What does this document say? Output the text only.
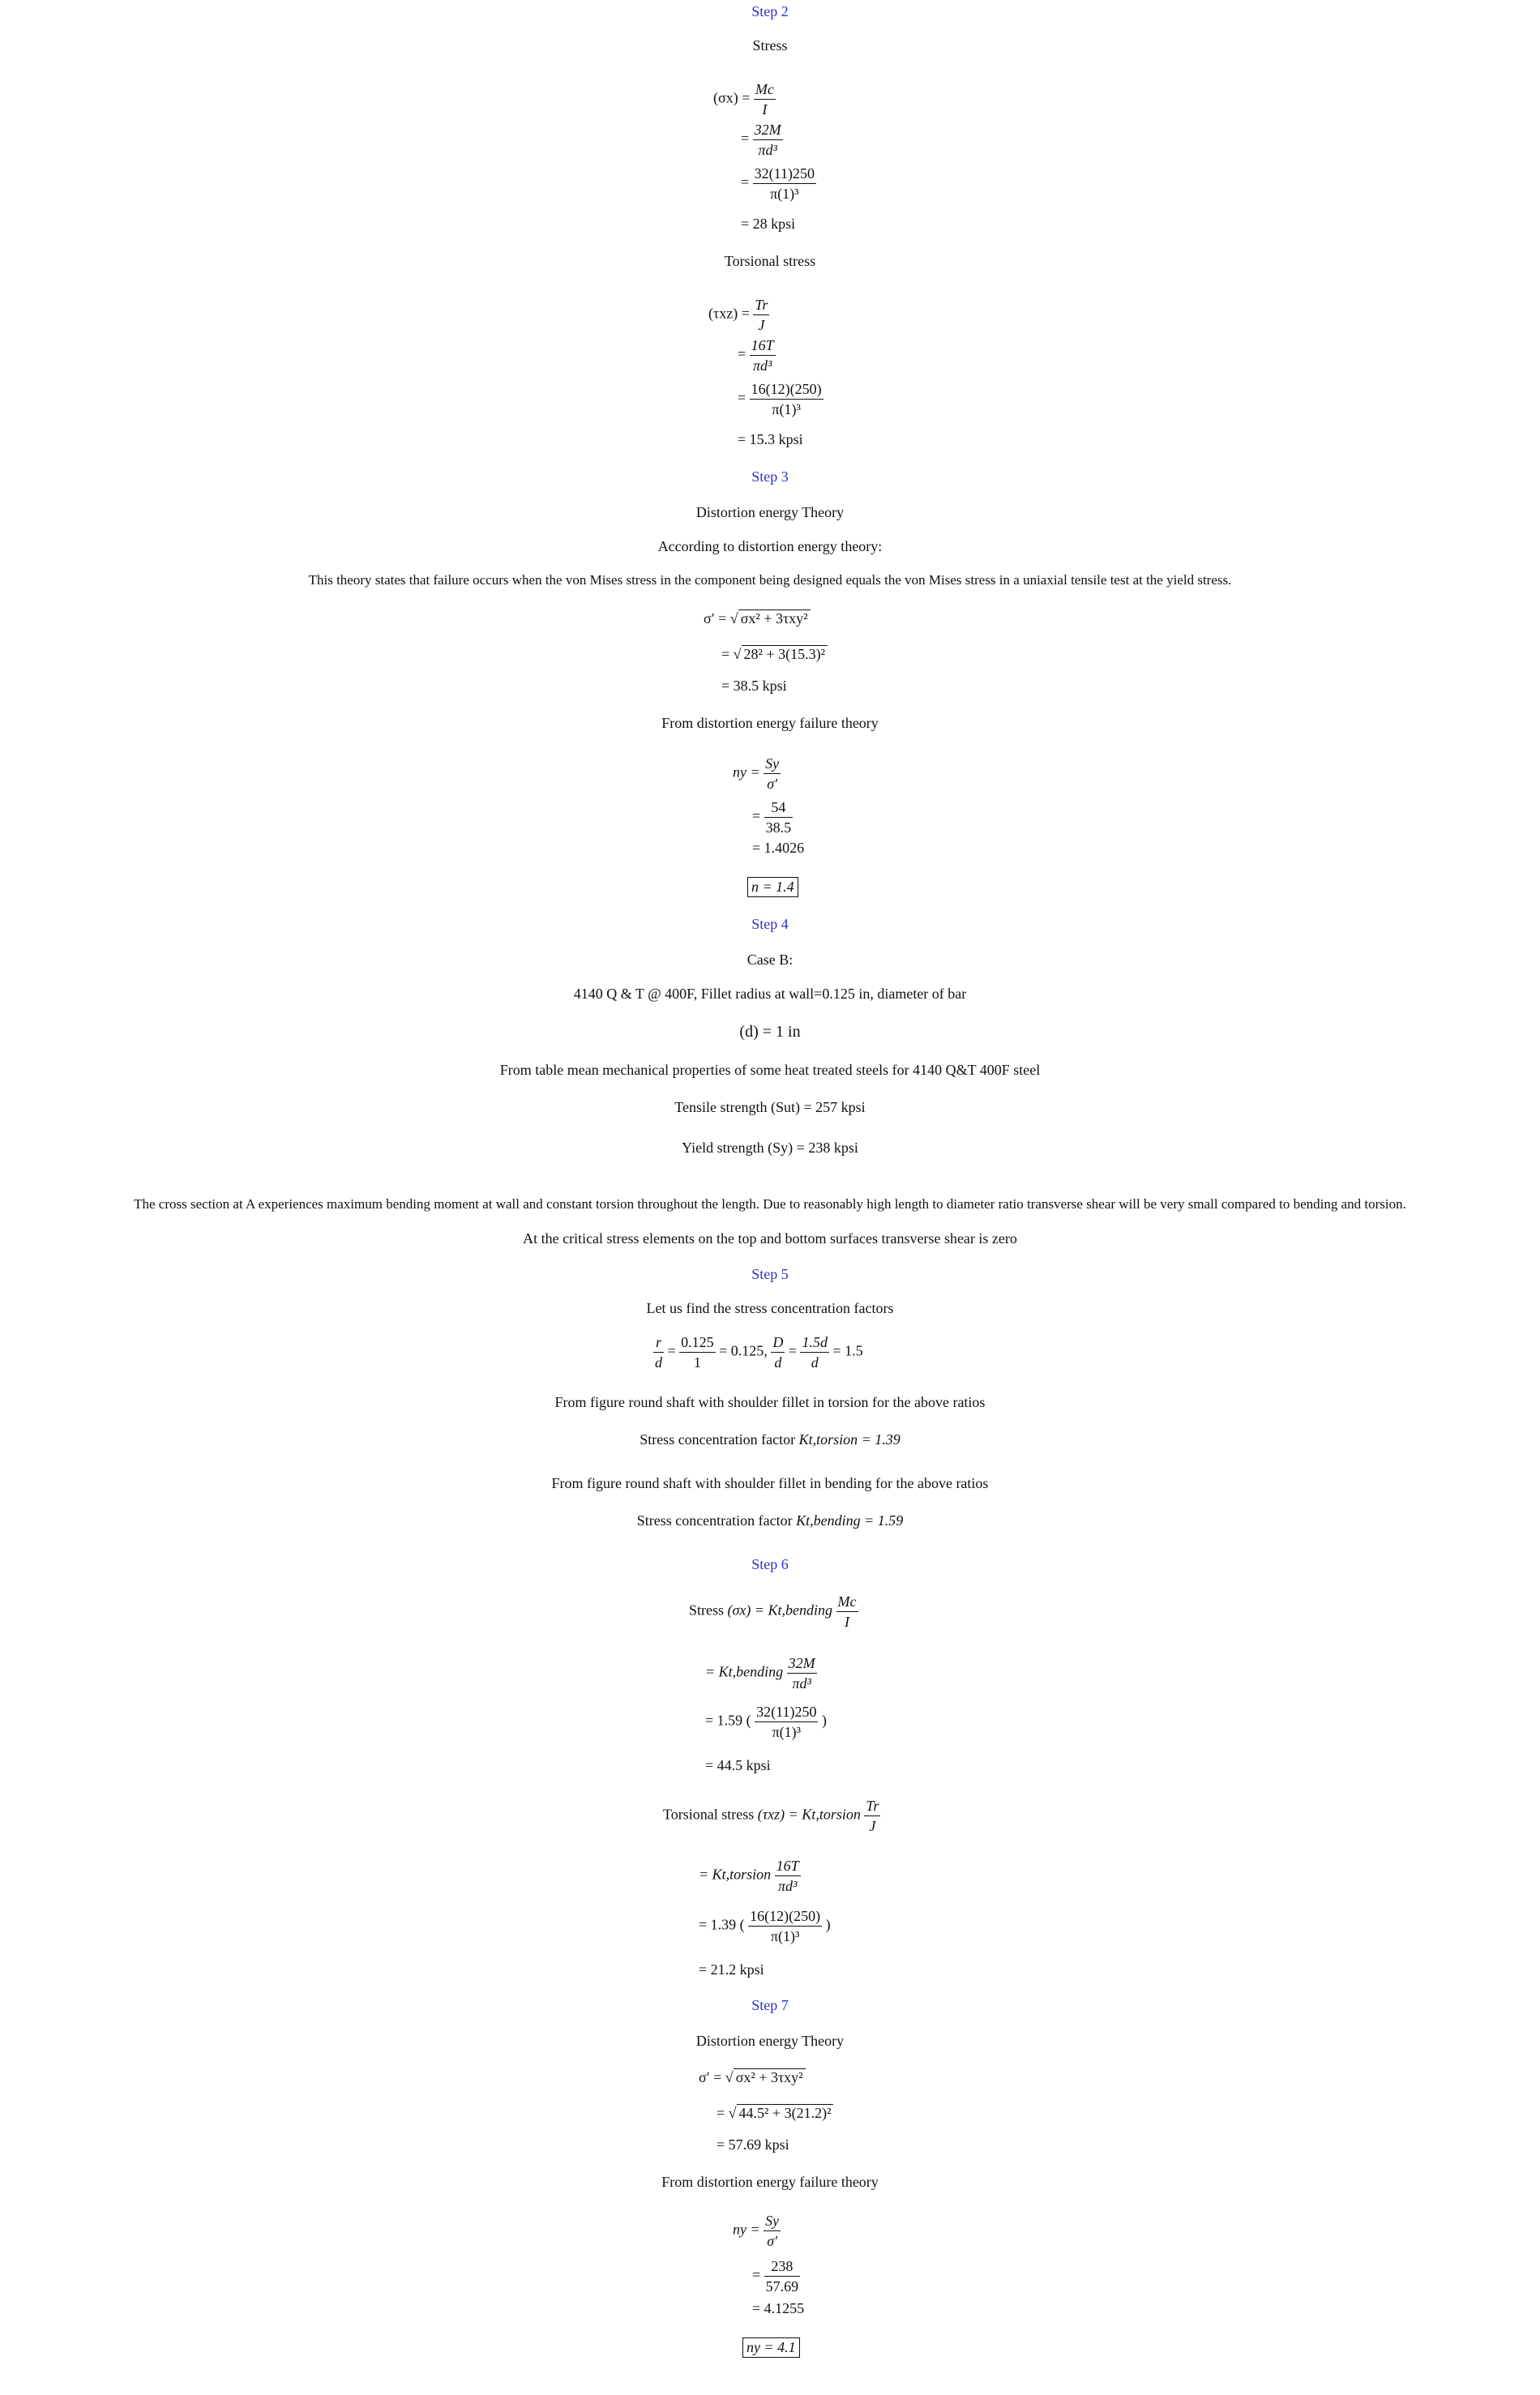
Step 2
Stress
$(\sigma x) = \frac{Mc}{I}$
= $\frac{32M}{\text{πd³}}$
= $\frac{32(11)250}{\text{π(1)³}}$
= 28 kpsi
Torsional stress
$(\tau xz) = \frac{Tr}{J}$
= $\frac{16T}{\text{πd³}}$
= $\frac{16(12)(250)}{\text{π(1)³}}$
= 15.3 kpsi
Step 3
Distortion energy Theory
According to distortion energy theory:
This theory states that failure occurs when the von Mises stress in the component being designed equals the von Mises stress in a uniaxial tensile test at the yield stress.
σ′ = √ σx² + 3τxy²
= √ 28² + 3(15.3)²
= 38.5 kpsi
From distortion energy failure theory
ny = $\frac{Sy}{\sigma'}$
= $\frac{54}{38.5}$
= 1.4026
n = 1.4
Step 4
Case B:
4140 Q & T @ 400F, Fillet radius at wall=0.125 in, diameter of bar
(d) = 1 in
From table mean mechanical properties of some heat treated steels for 4140 Q&T 400F steel
Tensile strength (Sut) = 257 kpsi
Yield strength (Sy) = 238 kpsi
The cross section at A experiences maximum bending moment at wall and constant torsion throughout the length. Due to reasonably high length to diameter ratio transverse shear will be very small compared to bending and torsion.
At the critical stress elements on the top and bottom surfaces transverse shear is zero
Step 5
Let us find the stress concentration factors
$\frac{r}{d} = \frac{0.125}{1} = 0.125$, $\frac{D}{d} = \frac{1.5d}{d} = 1.5$
From figure round shaft with shoulder fillet in torsion for the above ratios
Stress concentration factor Kt,torsion = 1.39
From figure round shaft with shoulder fillet in bending for the above ratios
Stress concentration factor Kt,bending = 1.59
Step 6
Stress (σx) = Kt,bending $\frac{Mc}{I}$
= Kt,bending $\frac{32M}{\text{πd³}}$
= 1.59 ( $\frac{32(11)250}{\text{π(1)³}}$ )
= 44.5 kpsi
Torsional stress (τxz) = Kt,torsion $\frac{Tr}{J}$
= Kt,torsion $\frac{16T}{\text{πd³}}$
= 1.39 ( $\frac{16(12)(250)}{\text{π(1)³}}$ )
= 21.2 kpsi
Step 7
Distortion energy Theory
σ′ = √ σx² + 3τxy²
= √ 44.5² + 3(21.2)²
= 57.69 kpsi
From distortion energy failure theory
ny = $\frac{Sy}{\sigma'}$
= $\frac{238}{57.69}$
= 4.1255
ny = 4.1
